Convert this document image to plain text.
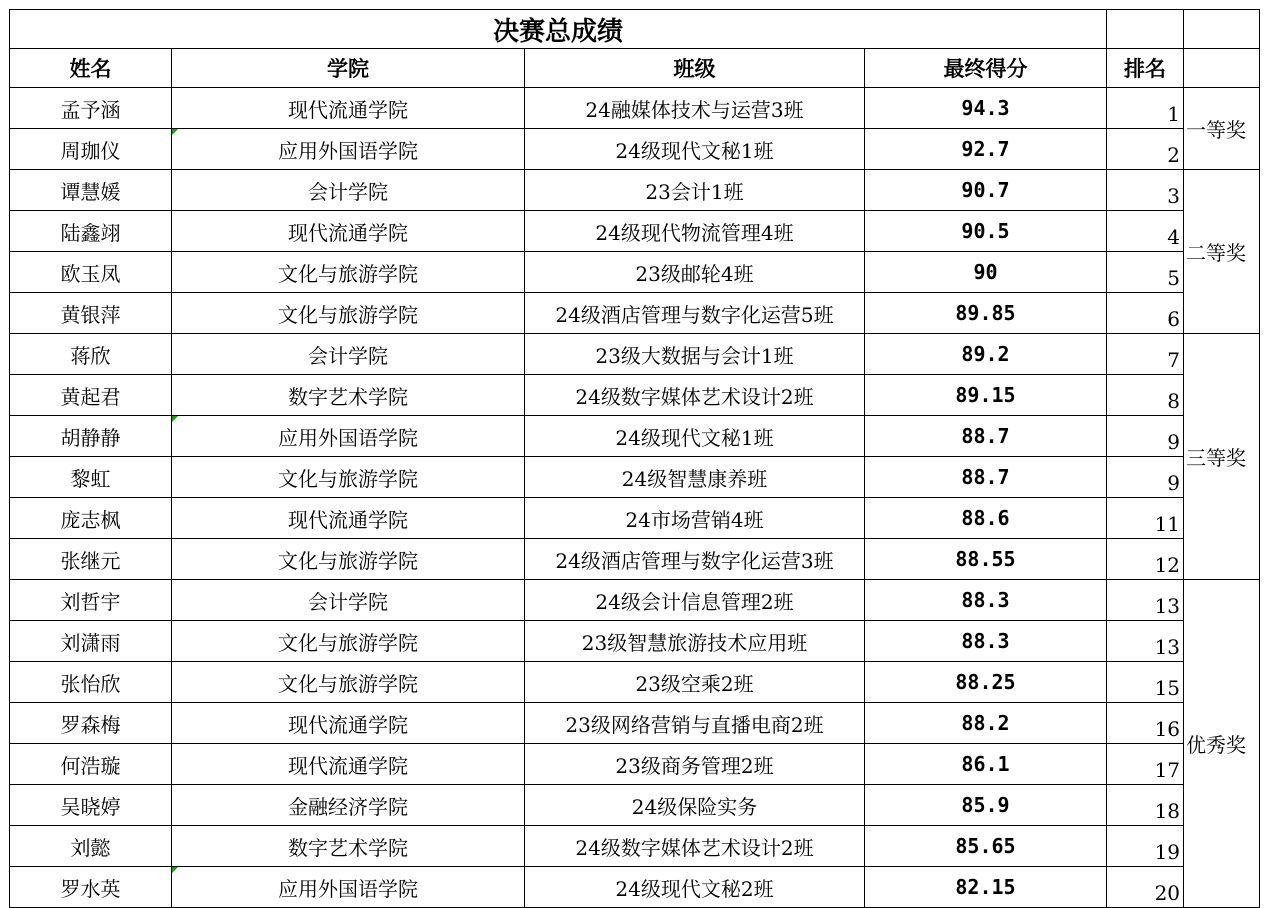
决赛总成绩					
姓名	学院	班级	最终得分	排名	
孟予涵	现代流通学院	24融媒体技术与运营3班	94.3	1	一等奖
周珈仪	应用外国语学院	24级现代文秘1班	92.7	2	
谭慧媛	会计学院	23会计1班	90.7	3	二等奖
陆鑫翊	现代流通学院	24级现代物流管理4班	90.5	4	
欧玉凤	文化与旅游学院	23级邮轮4班	90	5	
黄银萍	文化与旅游学院	24级酒店管理与数字化运营5班	89.85	6	
蒋欣	会计学院	23级大数据与会计1班	89.2	7	三等奖
黄起君	数字艺术学院	24级数字媒体艺术设计2班	89.15	8	
胡静静	应用外国语学院	24级现代文秘1班	88.7	9	
黎虹	文化与旅游学院	24级智慧康养班	88.7	9	
庞志枫	现代流通学院	24市场营销4班	88.6	11	
张继元	文化与旅游学院	24级酒店管理与数字化运营3班	88.55	12	
刘哲宇	会计学院	24级会计信息管理2班	88.3	13	优秀奖
刘潇雨	文化与旅游学院	23级智慧旅游技术应用班	88.3	13	
张怡欣	文化与旅游学院	23级空乘2班	88.25	15	
罗森梅	现代流通学院	23级网络营销与直播电商2班	88.2	16	
何浩璇	现代流通学院	23级商务管理2班	86.1	17	
吴晓婷	金融经济学院	24级保险实务	85.9	18	
刘懿	数字艺术学院	24级数字媒体艺术设计2班	85.65	19	
罗水英	应用外国语学院	24级现代文秘2班	82.15	20	
